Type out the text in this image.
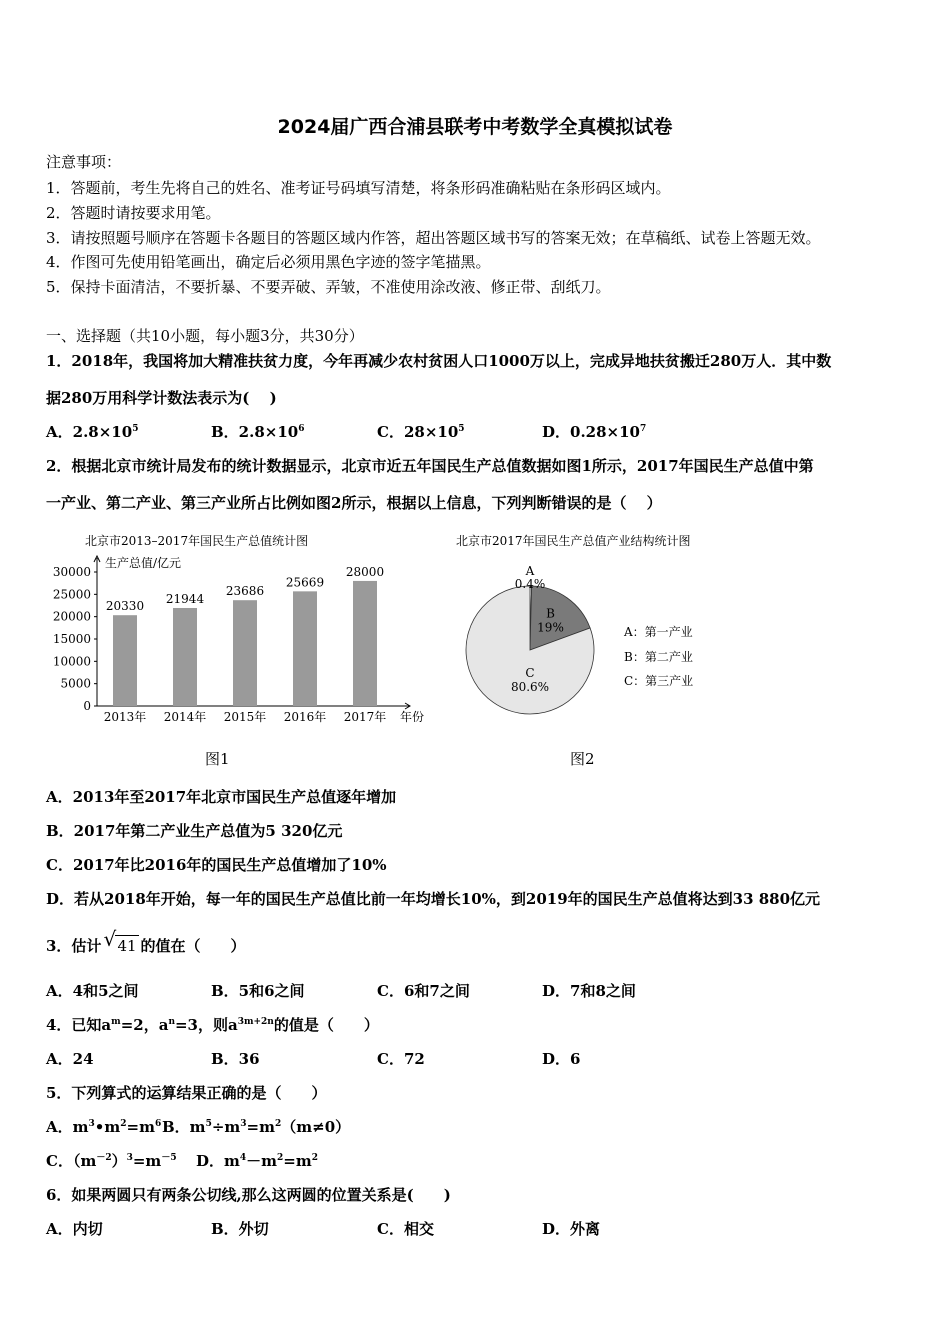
2024届广西合浦县联考中考数学全真模拟试卷
注意事项：
1．答题前，考生先将自己的姓名、准考证号码填写清楚，将条形码准确粘贴在条形码区域内。
2．答题时请按要求用笔。
3．请按照题号顺序在答题卡各题目的答题区域内作答，超出答题区域书写的答案无效；在草稿纸、试卷上答题无效。
4．作图可先使用铅笔画出，确定后必须用黑色字迹的签字笔描黑。
5．保持卡面清洁，不要折暴、不要弄破、弄皱，不准使用涂改液、修正带、刮纸刀。
一、选择题（共10小题，每小题3分，共30分）
1．2018年，我国将加大精准扶贫力度，今年再减少农村贫困人口1000万以上，完成异地扶贫搬迁280万人．其中数
据280万用科学计数法表示为(　 )
A．$2.8\times 10^5$	B．$2.8\times 10^6$	C．$28\times 10^5$	D．$0.28\times 10^7$
2．根据北京市统计局发布的统计数据显示，北京市近五年国民生产总值数据如图1所示，2017年国民生产总值中第
一产业、第二产业、第三产业所占比例如图2所示，根据以上信息，下列判断错误的是（　 ）
北京市2013–2017年国民生产总值统计图
生产总值/亿元
年份
30000
25000
20000
15000
10000
5000
0
20330
2013年
21944
2014年
23686
2015年
25669
2016年
28000
2017年
北京市2017年国民生产总值产业结构统计图
A
0.4%
B
19%
C
80.6%
A：第一产业
B：第二产业
C：第三产业
图1	图2
A．2013年至2017年北京市国民生产总值逐年增加
B．2017年第二产业生产总值为5 320亿元
C．2017年比2016年的国民生产总值增加了10%
D．若从2018年开始，每一年的国民生产总值比前一年均增长10%，到2019年的国民生产总值将达到33 880亿元
3．估计 √ 41 的值在（　　）
A．4和5之间	B．5和6之间	C．6和7之间	D．7和8之间
4．已知$a^m=2$，$a^n=3$，则$a^{3m+2n}$的值是（　　）
A．24	B．36	C．72	D．6
5．下列算式的运算结果正确的是（　　）
A．$m^3•m^2=m^6$ B．$m^5\div m^3=m^2(m\ne 0)$
C．$(m^{-2})^3=m^{-5}$ D．$m^4-m^2=m^2$
6．如果两圆只有两条公切线,那么这两圆的位置关系是(　　)
A．内切	B．外切	C．相交	D．外离
